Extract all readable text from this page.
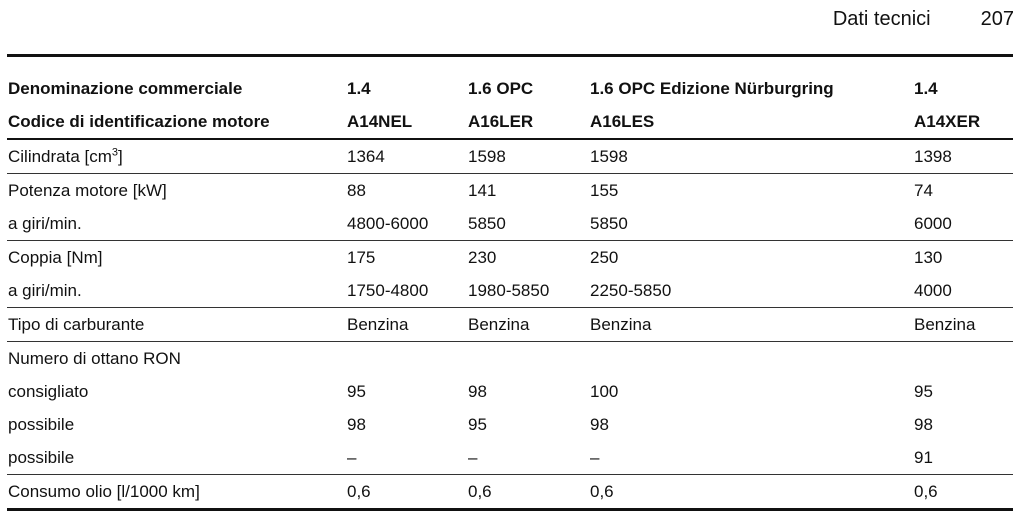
Dati tecnici	207
Denominazione commerciale	1.4	1.6 OPC	1.6 OPC Edizione Nürburgring	1.4
Codice di identificazione motore	A14NEL	A16LER	A16LES	A14XER
Cilindrata $[cm^3]$	1364	1598	1598	1398
Potenza motore [kW]	88	141	155	74
a giri/min.	4800-6000	5850	5850	6000
Coppia [Nm]	175	230	250	130
a giri/min.	1750-4800	1980-5850	2250-5850	4000
Tipo di carburante	Benzina	Benzina	Benzina	Benzina
Numero di ottano RON				
consigliato	95	98	100	95
possibile	98	95	98	98
possibile	–	–	–	91
Consumo olio [l/1000 km]	0,6	0,6	0,6	0,6
